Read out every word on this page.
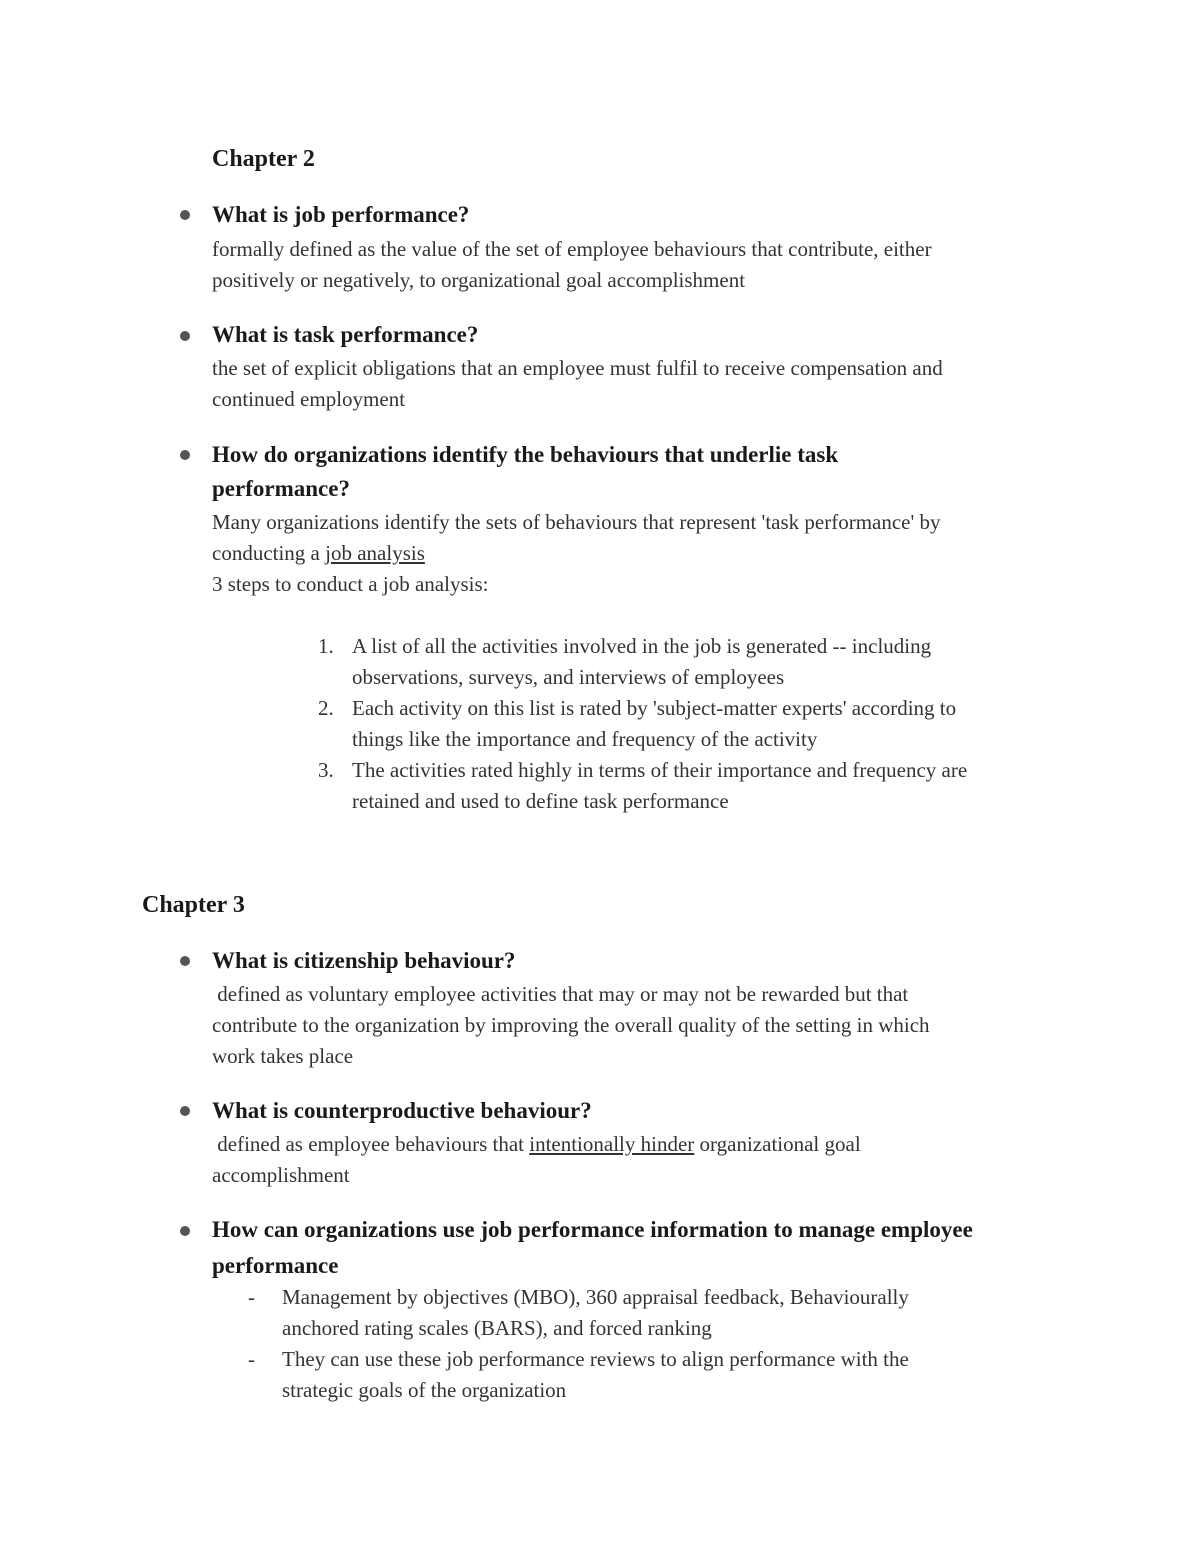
Chapter 2
What is job performance?
formally defined as the value of the set of employee behaviours that contribute, either
positively or negatively, to organizational goal accomplishment
What is task performance?
the set of explicit obligations that an employee must fulfil to receive compensation and
continued employment
How do organizations identify the behaviours that underlie task
performance?
Many organizations identify the sets of behaviours that represent 'task performance' by
conducting a job analysis
3 steps to conduct a job analysis:
1. A list of all the activities involved in the job is generated -- including
observations, surveys, and interviews of employees
2. Each activity on this list is rated by 'subject-matter experts' according to
things like the importance and frequency of the activity
3. The activities rated highly in terms of their importance and frequency are
retained and used to define task performance
Chapter 3
What is citizenship behaviour?
defined as voluntary employee activities that may or may not be rewarded but that
contribute to the organization by improving the overall quality of the setting in which
work takes place
What is counterproductive behaviour?
defined as employee behaviours that intentionally hinder organizational goal
accomplishment
How can organizations use job performance information to manage employee
performance
- Management by objectives (MBO), 360 appraisal feedback, Behaviourally
anchored rating scales (BARS), and forced ranking
- They can use these job performance reviews to align performance with the
strategic goals of the organization
